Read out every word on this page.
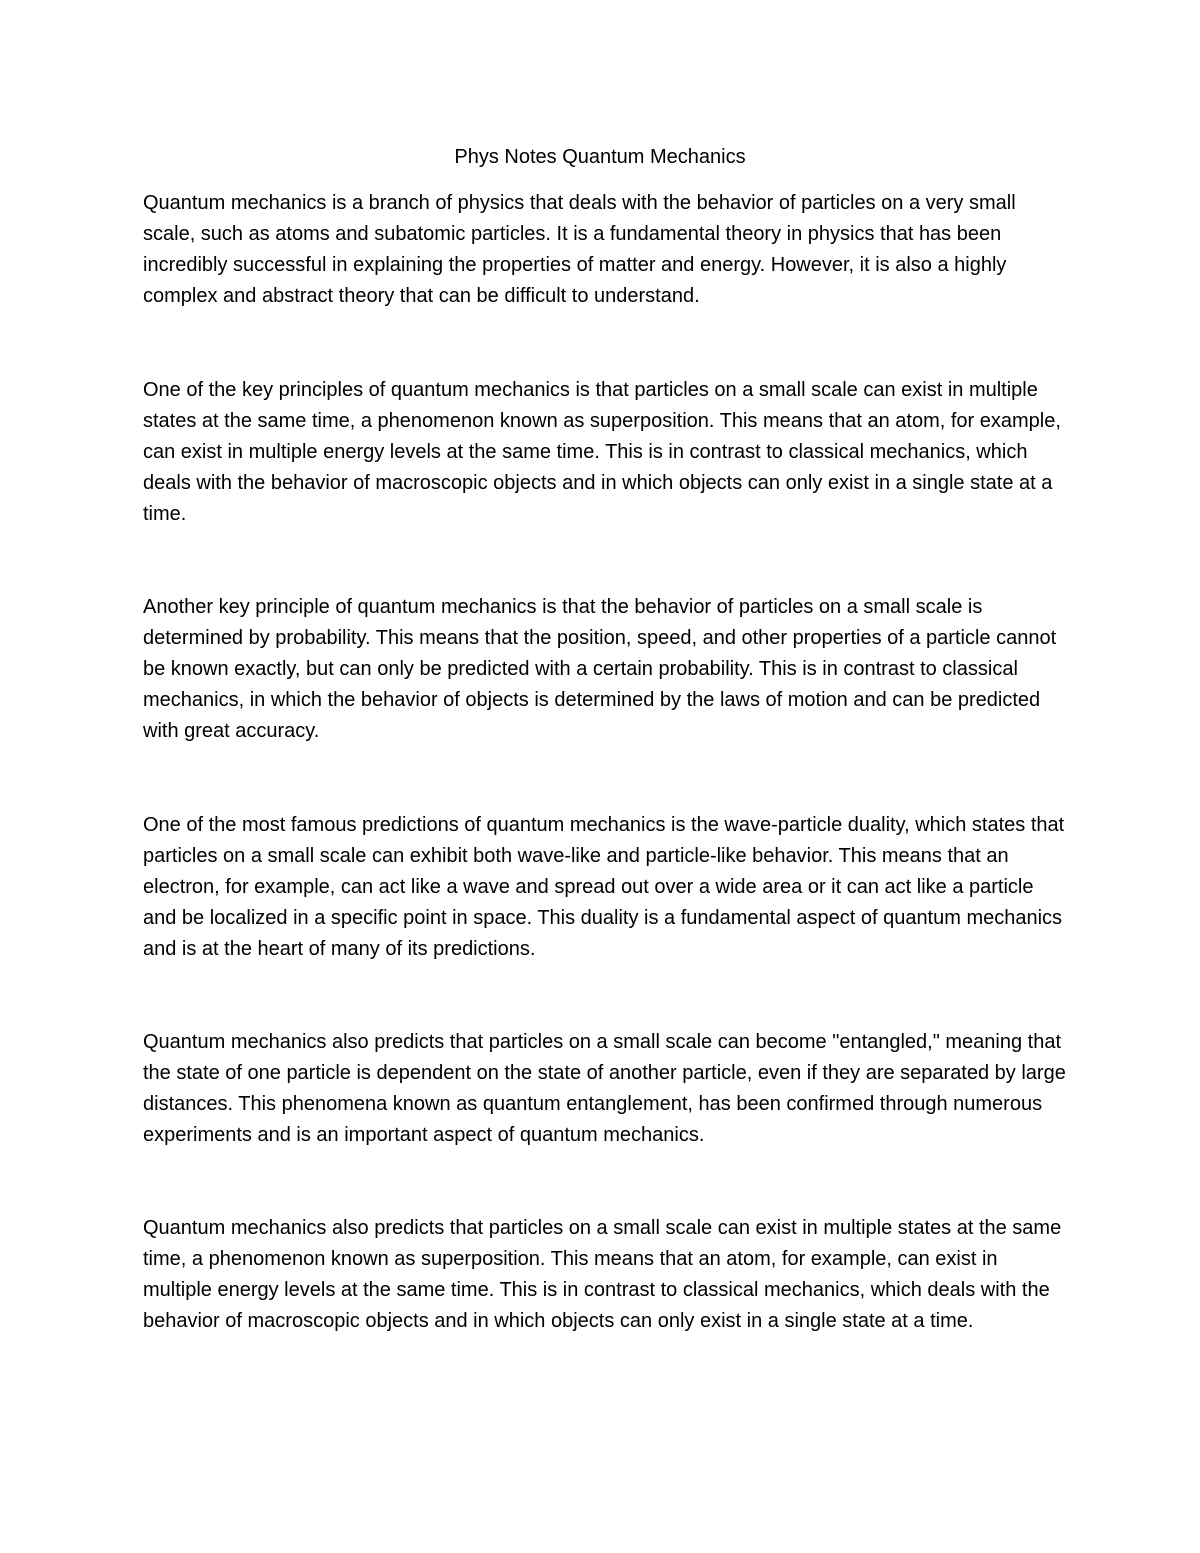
Phys Notes Quantum Mechanics

Quantum mechanics is a branch of physics that deals with the behavior of particles on a very small scale, such as atoms and subatomic particles. It is a fundamental theory in physics that has been incredibly successful in explaining the properties of matter and energy. However, it is also a highly complex and abstract theory that can be difficult to understand.

One of the key principles of quantum mechanics is that particles on a small scale can exist in multiple states at the same time, a phenomenon known as superposition. This means that an atom, for example, can exist in multiple energy levels at the same time. This is in contrast to classical mechanics, which deals with the behavior of macroscopic objects and in which objects can only exist in a single state at a time.

Another key principle of quantum mechanics is that the behavior of particles on a small scale is determined by probability. This means that the position, speed, and other properties of a particle cannot be known exactly, but can only be predicted with a certain probability. This is in contrast to classical mechanics, in which the behavior of objects is determined by the laws of motion and can be predicted with great accuracy.

One of the most famous predictions of quantum mechanics is the wave-particle duality, which states that particles on a small scale can exhibit both wave-like and particle-like behavior. This means that an electron, for example, can act like a wave and spread out over a wide area or it can act like a particle and be localized in a specific point in space. This duality is a fundamental aspect of quantum mechanics and is at the heart of many of its predictions.

Quantum mechanics also predicts that particles on a small scale can become "entangled," meaning that the state of one particle is dependent on the state of another particle, even if they are separated by large distances. This phenomena known as quantum entanglement, has been confirmed through numerous experiments and is an important aspect of quantum mechanics.

Quantum mechanics also predicts that particles on a small scale can exist in multiple states at the same time, a phenomenon known as superposition. This means that an atom, for example, can exist in multiple energy levels at the same time. This is in contrast to classical mechanics, which deals with the behavior of macroscopic objects and in which objects can only exist in a single state at a time.
